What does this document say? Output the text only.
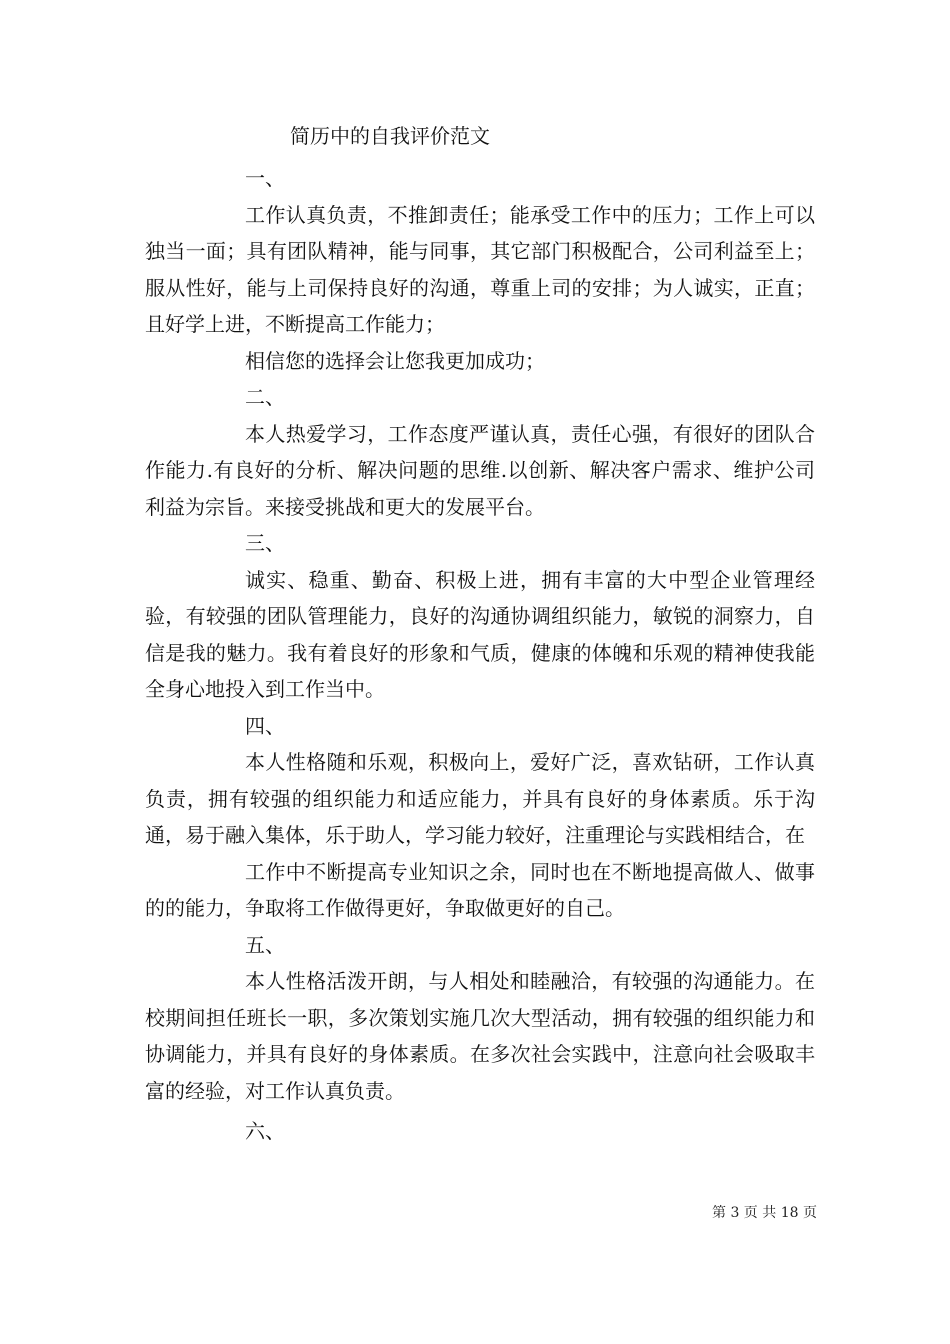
简历中的自我评价范文

一、

工作认真负责，不推卸责任；能承受工作中的压力；工作上可以独当一面；具有团队精神，能与同事，其它部门积极配合，公司利益至上；服从性好，能与上司保持良好的沟通，尊重上司的安排；为人诚实，正直；且好学上进，不断提高工作能力；

相信您的选择会让您我更加成功；

二、

本人热爱学习，工作态度严谨认真，责任心强，有很好的团队合作能力.有良好的分析、解决问题的思维.以创新、解决客户需求、维护公司利益为宗旨。来接受挑战和更大的发展平台。

三、

诚实、稳重、勤奋、积极上进，拥有丰富的大中型企业管理经验，有较强的团队管理能力，良好的沟通协调组织能力，敏锐的洞察力，自信是我的魅力。我有着良好的形象和气质，健康的体魄和乐观的精神使我能全身心地投入到工作当中。

四、

本人性格随和乐观，积极向上，爱好广泛，喜欢钻研，工作认真负责，拥有较强的组织能力和适应能力，并具有良好的身体素质。乐于沟通，易于融入集体，乐于助人，学习能力较好，注重理论与实践相结合，在

工作中不断提高专业知识之余，同时也在不断地提高做人、做事的的能力，争取将工作做得更好，争取做更好的自己。

五、

本人性格活泼开朗，与人相处和睦融洽，有较强的沟通能力。在校期间担任班长一职，多次策划实施几次大型活动，拥有较强的组织能力和协调能力，并具有良好的身体素质。在多次社会实践中，注意向社会吸取丰富的经验，对工作认真负责。

六、

第 3 页 共 18 页
